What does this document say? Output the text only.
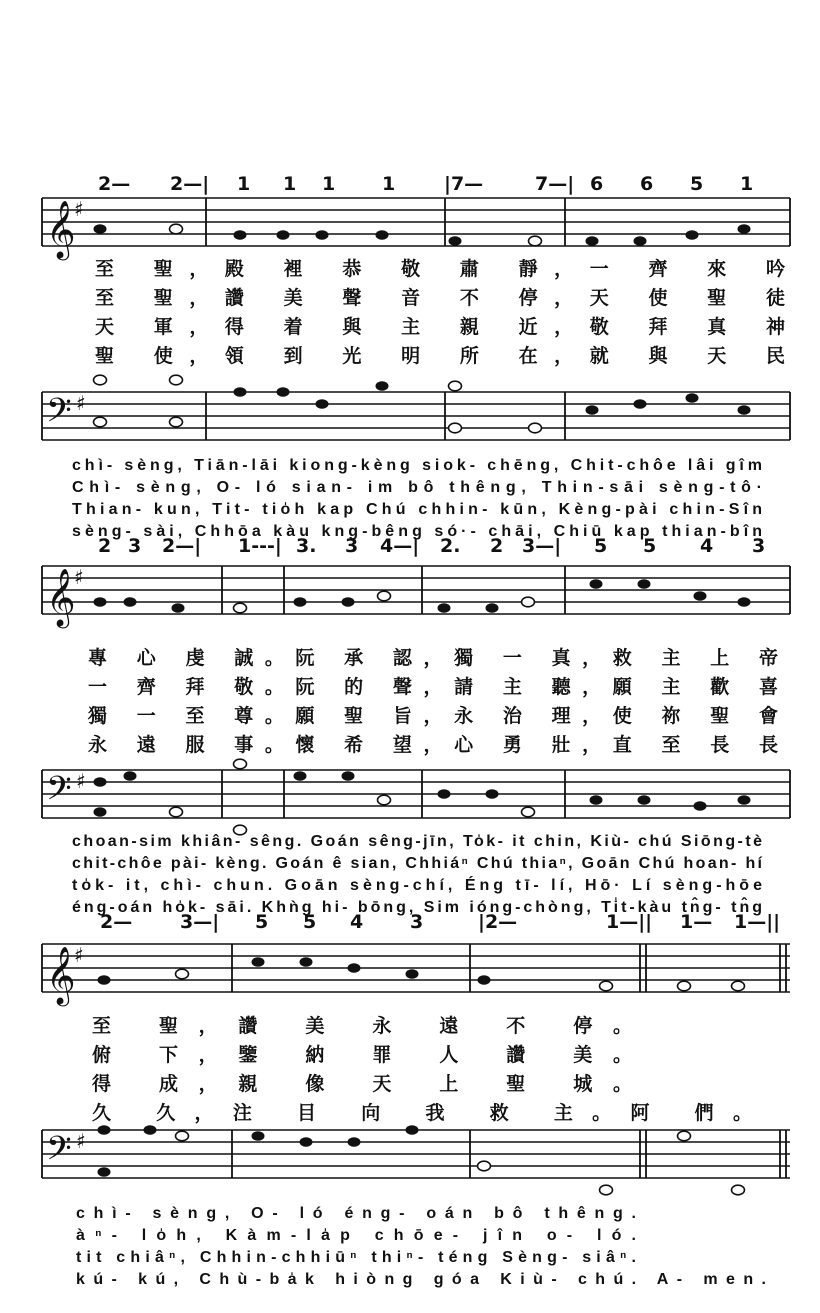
2— 2—| 1 1 1 1	|7—	7—| 6 6 5 1
𝄞
♯
至 聖，殿 裡 恭 敬 肅 靜，一 齊 來 吟
至 聖，讚 美 聲 音 不 停，天 使 聖 徒
天 軍，得 着 與 主 親 近，敬 拜 真 神
聖 使，領 到 光 明 所 在，就 與 天 民
𝄢 ♯
chì- sèng, Tiān-lāi kiong-kèng siok- chēng, Chit-chôe lâi gîm
Chì- sèng, O- ló sian- im bô thêng, Thin-sāi sèng-tô·
Thian- kun, Tit- tio̍h kap Chú chhin- kūn, Kèng-pài chin-Sîn
sèng- sài, Chhōa kàu kng-bêng só·- chāi, Chiū kap thian-bîn
2 3 2—| 1---| 3. 3 4—| 2. 2 3—| 5 5 4 3
𝄞
♯
專 心 虔 誠。阮 承 認，獨 一 真，救 主 上 帝
一 齊 拜 敬。阮 的 聲，請 主 聽，願 主 歡 喜
獨 一 至 尊。願 聖 旨，永 治 理，使 祢 聖 會
永 遠 服 事。懷 希 望，心 勇 壯，直 至 長 長
𝄢 ♯
choan-sim khiân- sêng. Goán sêng-jīn, To̍k- it chin, Kiù- chú Siōng-tè
chit-chôe pài- kèng. Goán ê sian, Chhiáⁿ Chú thiaⁿ, Goān Chú hoan- hí
to̍k- it, chì- chun. Goān sèng-chí, Éng tī- lí, Hō· Lí sèng-hōe
éng-oán ho̍k- sāi. Khǹg hi- bōng, Sim ióng-chòng, Ti̍t-kàu tn̂g- tn̂g
2—	3—| 5 5 4 3	|2—	1—|| 1— 1—||
𝄞
♯
至 聖，讚 美 永 遠 不 停。
俯 下，鑒 納 罪 人 讚 美。
得 成，親 像 天 上 聖 城。
久 久，注 目 向 我 救 主。阿 們。
𝄢 ♯
chì- sèng, O- ló éng- oán bô thêng.
àⁿ- lo̍h, Kàm-la̍p chōe- jîn o- ló.
tit chiâⁿ, Chhin-chhiūⁿ thiⁿ- téng Sèng- siâⁿ.
kú- kú, Chù-ba̍k hiòng góa Kiù- chú. A- men.
